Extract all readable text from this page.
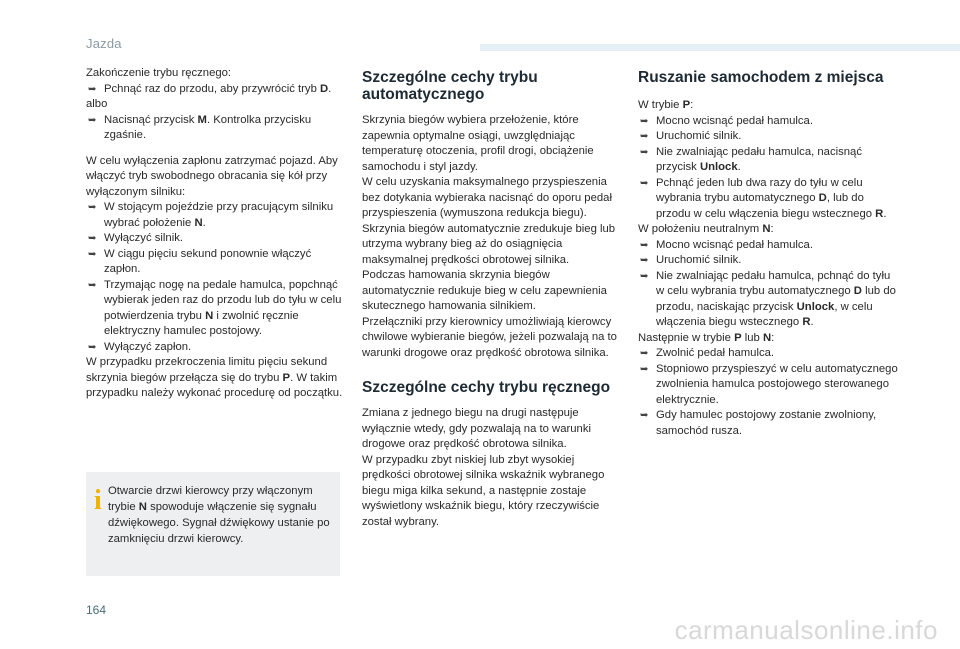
Jazda

Zakończenie trybu ręcznego:

➥ Pchnąć raz do przodu, aby przywrócić tryb D.

albo

➥ Nacisnąć przycisk M. Kontrolka przycisku zgaśnie.

W celu wyłączenia zapłonu zatrzymać pojazd. Aby włączyć tryb swobodnego obracania się kół przy wyłączonym silniku:

➥ W stojącym pojeździe przy pracującym silniku wybrać położenie N.

➥ Wyłączyć silnik.

➥ W ciągu pięciu sekund ponownie włączyć zapłon.

➥ Trzymając nogę na pedale hamulca, popchnąć wybierak jeden raz do przodu lub do tyłu w celu potwierdzenia trybu N i zwolnić ręcznie elektryczny hamulec postojowy.

➥ Wyłączyć zapłon.

W przypadku przekroczenia limitu pięciu sekund skrzynia biegów przełącza się do trybu P. W takim przypadku należy wykonać procedurę od początku.

i Otwarcie drzwi kierowcy przy włączonym trybie N spowoduje włączenie się sygnału dźwiękowego. Sygnał dźwiękowy ustanie po zamknięciu drzwi kierowcy.
Szczególne cechy trybu automatycznego

Skrzynia biegów wybiera przełożenie, które zapewnia optymalne osiągi, uwzględniając temperaturę otoczenia, profil drogi, obciążenie samochodu i styl jazdy.

W celu uzyskania maksymalnego przyspieszenia bez dotykania wybieraka nacisnąć do oporu pedał przyspieszenia (wymuszona redukcja biegu). Skrzynia biegów automatycznie zredukuje bieg lub utrzyma wybrany bieg aż do osiągnięcia maksymalnej prędkości obrotowej silnika.

Podczas hamowania skrzynia biegów automatycznie redukuje bieg w celu zapewnienia skutecznego hamowania silnikiem.

Przełączniki przy kierownicy umożliwiają kierowcy chwilowe wybieranie biegów, jeżeli pozwalają na to warunki drogowe oraz prędkość obrotowa silnika.

Szczególne cechy trybu ręcznego

Zmiana z jednego biegu na drugi następuje wyłącznie wtedy, gdy pozwalają na to warunki drogowe oraz prędkość obrotowa silnika.

W przypadku zbyt niskiej lub zbyt wysokiej prędkości obrotowej silnika wskaźnik wybranego biegu miga kilka sekund, a następnie zostaje wyświetlony wskaźnik biegu, który rzeczywiście został wybrany.

Ruszanie samochodem z miejsca

W trybie P:

➥ Mocno wcisnąć pedał hamulca.

➥ Uruchomić silnik.

➥ Nie zwalniając pedału hamulca, nacisnąć przycisk Unlock.

➥ Pchnąć jeden lub dwa razy do tyłu w celu wybrania trybu automatycznego D, lub do przodu w celu włączenia biegu wstecznego R.

W położeniu neutralnym N:

➥ Mocno wcisnąć pedał hamulca.

➥ Uruchomić silnik.

➥ Nie zwalniając pedału hamulca, pchnąć do tyłu w celu wybrania trybu automatycznego D lub do przodu, naciskając przycisk Unlock, w celu włączenia biegu wstecznego R.

Następnie w trybie P lub N:

➥ Zwolnić pedał hamulca.

➥ Stopniowo przyspieszyć w celu automatycznego zwolnienia hamulca postojowego sterowanego elektrycznie.

➥ Gdy hamulec postojowy zostanie zwolniony, samochód rusza.

164
carmanualsonline.info
